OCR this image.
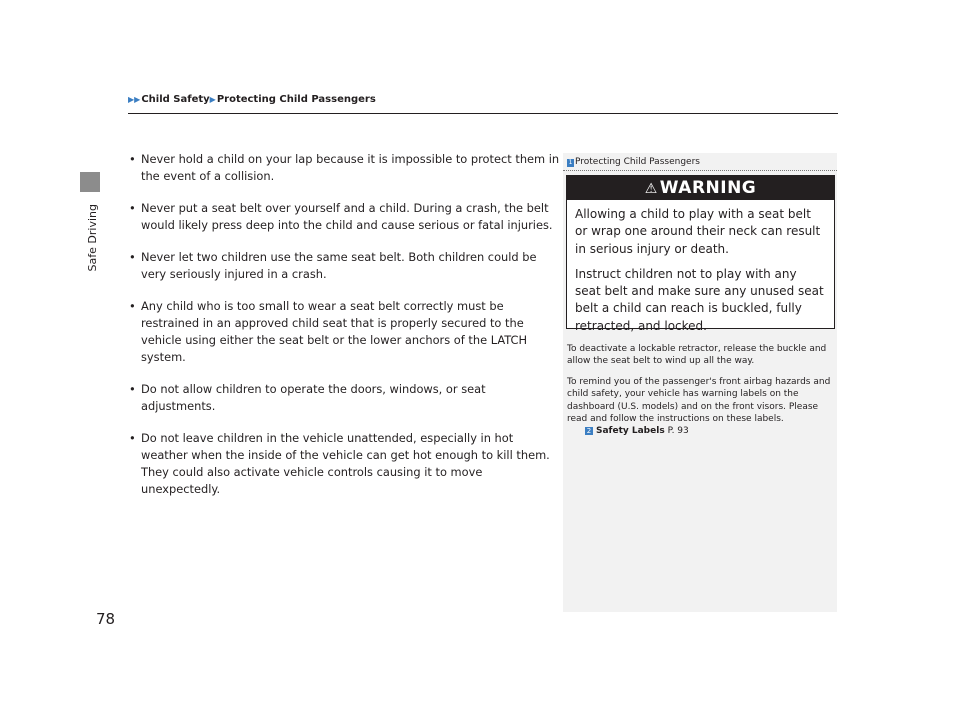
Safe Driving
▶▶Child Safety▶Protecting Child Passengers

• Never hold a child on your lap because it is impossible to protect them in the event of a collision.

• Never put a seat belt over yourself and a child. During a crash, the belt would likely press deep into the child and cause serious or fatal injuries.

• Never let two children use the same seat belt. Both children could be very seriously injured in a crash.

• Any child who is too small to wear a seat belt correctly must be restrained in an approved child seat that is properly secured to the vehicle using either the seat belt or the lower anchors of the LATCH system.

• Do not allow children to operate the doors, windows, or seat adjustments.

• Do not leave children in the vehicle unattended, especially in hot weather when the inside of the vehicle can get hot enough to kill them. They could also activate vehicle controls causing it to move unexpectedly.

1 Protecting Child Passengers
⚠ WARNING

Allowing a child to play with a seat belt or wrap one around their neck can result in serious injury or death.

Instruct children not to play with any seat belt and make sure any unused seat belt a child can reach is buckled, fully retracted, and locked.

To deactivate a lockable retractor, release the buckle and allow the seat belt to wind up all the way.

To remind you of the passenger's front airbag hazards and child safety, your vehicle has warning labels on the dashboard (U.S. models) and on the front visors. Please read and follow the instructions on these labels.

2 Safety Labels P. 93
78
